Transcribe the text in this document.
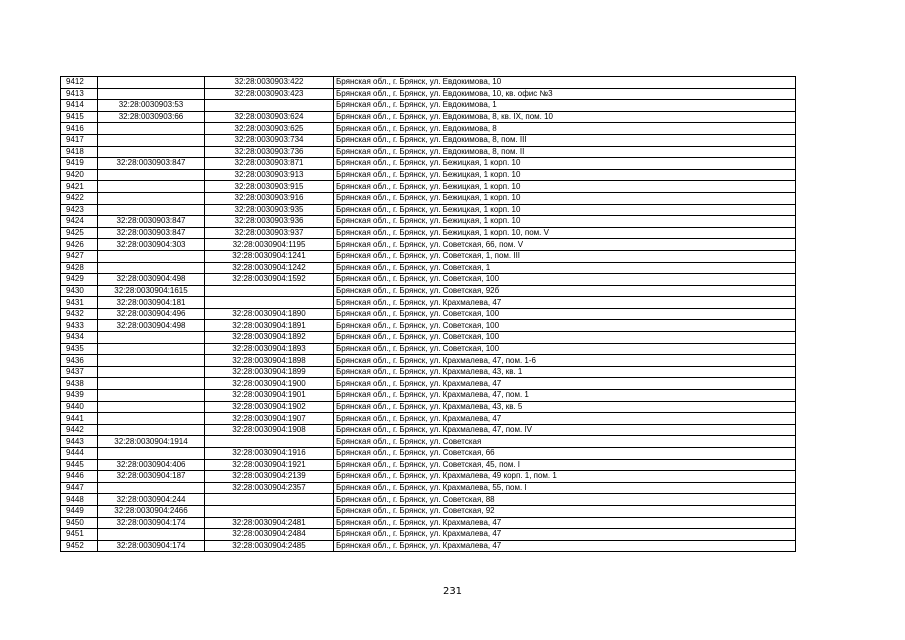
9412		32:28:0030903:422	Брянская обл., г. Брянск, ул. Евдокимова, 10
9413		32:28:0030903:423	Брянская обл., г. Брянск, ул. Евдокимова, 10, кв. офис №3
9414	32:28:0030903:53		Брянская обл., г. Брянск, ул. Евдокимова, 1
9415	32:28:0030903:66	32:28:0030903:624	Брянская обл., г. Брянск, ул. Евдокимова, 8, кв. IX, пом. 10
9416		32:28:0030903:625	Брянская обл., г. Брянск, ул. Евдокимова, 8
9417		32:28:0030903:734	Брянская обл., г. Брянск, ул. Евдокимова, 8, пом. III
9418		32:28:0030903:736	Брянская обл., г. Брянск, ул. Евдокимова, 8, пом. II
9419	32:28:0030903:847	32:28:0030903:871	Брянская обл., г. Брянск, ул. Бежицкая, 1 корп. 10
9420		32:28:0030903:913	Брянская обл., г. Брянск, ул. Бежицкая, 1 корп. 10
9421		32:28:0030903:915	Брянская обл., г. Брянск, ул. Бежицкая, 1 корп. 10
9422		32:28:0030903:916	Брянская обл., г. Брянск, ул. Бежицкая, 1 корп. 10
9423		32:28:0030903:935	Брянская обл., г. Брянск, ул. Бежицкая, 1 корп. 10
9424	32:28:0030903:847	32:28:0030903:936	Брянская обл., г. Брянск, ул. Бежицкая, 1 корп. 10
9425	32:28:0030903:847	32:28:0030903:937	Брянская обл., г. Брянск, ул. Бежицкая, 1 корп. 10, пом. V
9426	32:28:0030904:303	32:28:0030904:1195	Брянская обл., г. Брянск, ул. Советская, 66, пом. V
9427		32:28:0030904:1241	Брянская обл., г. Брянск, ул. Советская, 1, пом. III
9428		32:28:0030904:1242	Брянская обл., г. Брянск, ул. Советская, 1
9429	32:28:0030904:498	32:28:0030904:1592	Брянская обл., г. Брянск, ул. Советская, 100
9430	32:28:0030904:1615		Брянская обл., г. Брянск, ул. Советская, 92б
9431	32:28:0030904:181		Брянская обл., г. Брянск, ул. Крахмалева, 47
9432	32:28:0030904:496	32:28:0030904:1890	Брянская обл., г. Брянск, ул. Советская, 100
9433	32:28:0030904:498	32:28:0030904:1891	Брянская обл., г. Брянск, ул. Советская, 100
9434		32:28:0030904:1892	Брянская обл., г. Брянск, ул. Советская, 100
9435		32:28:0030904:1893	Брянская обл., г. Брянск, ул. Советская, 100
9436		32:28:0030904:1898	Брянская обл., г. Брянск, ул. Крахмалева, 47, пом. 1-6
9437		32:28:0030904:1899	Брянская обл., г. Брянск, ул. Крахмалева, 43, кв. 1
9438		32:28:0030904:1900	Брянская обл., г. Брянск, ул. Крахмалева, 47
9439		32:28:0030904:1901	Брянская обл., г. Брянск, ул. Крахмалева, 47, пом. 1
9440		32:28:0030904:1902	Брянская обл., г. Брянск, ул. Крахмалева, 43, кв. 5
9441		32:28:0030904:1907	Брянская обл., г. Брянск, ул. Крахмалева, 47
9442		32:28:0030904:1908	Брянская обл., г. Брянск, ул. Крахмалева, 47, пом. IV
9443	32:28:0030904:1914		Брянская обл., г. Брянск, ул. Советская
9444		32:28:0030904:1916	Брянская обл., г. Брянск, ул. Советская, 66
9445	32:28:0030904:406	32:28:0030904:1921	Брянская обл., г. Брянск, ул. Советская, 45, пом. I
9446	32:28:0030904:187	32:28:0030904:2139	Брянская обл., г. Брянск, ул. Крахмалева, 49 корп. 1, пом. 1
9447		32:28:0030904:2357	Брянская обл., г. Брянск, ул. Крахмалева, 55, пом. I
9448	32:28:0030904:244		Брянская обл., г. Брянск, ул. Советская, 88
9449	32:28:0030904:2466		Брянская обл., г. Брянск, ул. Советская, 92
9450	32:28:0030904:174	32:28:0030904:2481	Брянская обл., г. Брянск, ул. Крахмалева, 47
9451		32:28:0030904:2484	Брянская обл., г. Брянск, ул. Крахмалева, 47
9452	32:28:0030904:174	32:28:0030904:2485	Брянская обл., г. Брянск, ул. Крахмалева, 47
231
